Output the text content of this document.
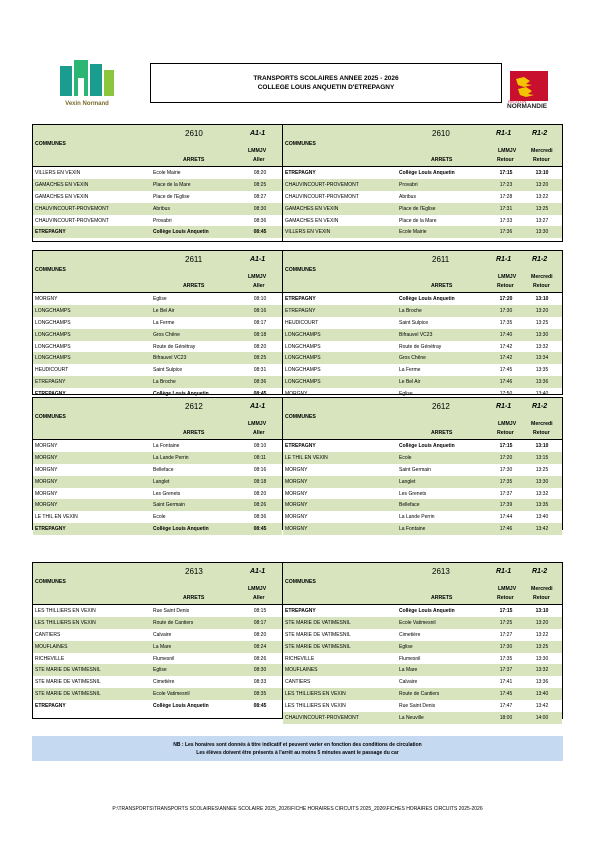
Vexin Normand	RÉGION
NORMANDIE
TRANSPORTS SCOLAIRES ANNEE 2025 - 2026
COLLEGE LOUIS ANQUETIN D'ETREPAGNY
COMMUNES
2610	A1-1
LMMJV
ARRETS	Aller
VILLERS EN VEXIN	Ecole Mairie	08:20
GAMACHES EN VEXIN	Place de la Mare	08:25
GAMACHES EN VEXIN	Place de l'Eglise	08:27
CHAUVINCOURT-PROVEMONT	Abribus	08:30
CHAUVINCOURT-PROVEMONT	Provabri	08:36
ETREPAGNY	Collège Louis Anquetin	08:45
COMMUNES
2610	R1-1	R1-2
LMMJV	Mercredi
ARRETS	Retour	Retour
ETREPAGNY	Collège Louis Anquetin	17:15	13:10
CHAUVINCOURT-PROVEMONT	Provabri	17:23	13:20
CHAUVINCOURT-PROVEMONT	Abribus	17:28	13:22
GAMACHES EN VEXIN	Place de l'Eglise	17:31	13:25
GAMACHES EN VEXIN	Place de la Mare	17:33	13:27
VILLERS EN VEXIN	Ecole Mairie	17:36	13:30
COMMUNES
2611	A1-1
LMMJV
ARRETS	Aller
MORGNY	Eglise	08:10
LONGCHAMPS	Le Bel Air	08:16
LONGCHAMPS	La Ferme	08:17
LONGCHAMPS	Gros Chêne	08:18
LONGCHAMPS	Route de Génétray	08:20
LONGCHAMPS	Bifrauvel VC23	08:25
HEUDICOURT	Saint Sulpice	08:31
ETREPAGNY	La Broche	08:36
ETREPAGNY	Collège Louis Anquetin	08:45
COMMUNES
2611	R1-1	R1-2
LMMJV	Mercredi
ARRETS	Retour	Retour
ETREPAGNY	Collège Louis Anquetin	17:20	13:10
ETREPAGNY	La Broche	17:30	13:20
HEUDICOURT	Saint Sulpice	17:35	13:25
LONGCHAMPS	Bifrauvel VC23	17:40	13:30
LONGCHAMPS	Route de Génétray	17:42	13:32
LONGCHAMPS	Gros Chêne	17:42	13:34
LONGCHAMPS	La Ferme	17:45	13:35
LONGCHAMPS	Le Bel Air	17:46	13:36
MORGNY	Eglise	17:50	13:40
COMMUNES
2612	A1-1
LMMJV
ARRETS	Aller
MORGNY	La Fontaine	08:10
MORGNY	La Lande Perrin	08:11
MORGNY	Belleface	08:16
MORGNY	Langlet	08:18
MORGNY	Les Grenets	08:20
MORGNY	Saint Germain	08:26
LE THIL EN VEXIN	Ecole	08:36
ETREPAGNY	Collège Louis Anquetin	08:45
COMMUNES
2612	R1-1	R1-2
LMMJV	Mercredi
ARRETS	Retour	Retour
ETREPAGNY	Collège Louis Anquetin	17:15	13:10
LE THIL EN VEXIN	Ecole	17:20	13:15
MORGNY	Saint Germain	17:30	13:25
MORGNY	Langlet	17:35	13:30
MORGNY	Les Grenets	17:37	13:32
MORGNY	Belleface	17:39	13:35
MORGNY	La Lande Perrin	17:44	13:40
MORGNY	La Fontaine	17:46	13:42
COMMUNES
2613	A1-1
LMMJV
ARRETS	Aller
LES THILLIERS EN VEXIN	Rue Saint Denis	08:15
LES THILLIERS EN VEXIN	Route de Cantiers	08:17
CANTIERS	Calvaire	08:20
MOUFLAINES	La Mare	08:24
RICHEVILLE	Flumesnil	08:26
STE MARIE DE VATIMESNIL	Eglise	08:30
STE MARIE DE VATIMESNIL	Cimetière	08:33
STE MARIE DE VATIMESNIL	Ecole Vatimesnil	08:35
ETREPAGNY	Collège Louis Anquetin	08:45
COMMUNES
2613	R1-1	R1-2
LMMJV	Mercredi
ARRETS	Retour	Retour
ETREPAGNY	Collège Louis Anquetin	17:15	13:10
STE MARIE DE VATIMESNIL	Ecole Vatimesnil	17:25	13:20
STE MARIE DE VATIMESNIL	Cimetière	17:27	13:22
STE MARIE DE VATIMESNIL	Eglise	17:30	13:25
RICHEVILLE	Flumesnil	17:35	13:30
MOUFLAINES	La Mare	17:37	13:32
CANTIERS	Calvaire	17:41	13:36
LES THILLIERS EN VEXIN	Route de Cantiers	17:45	13:40
LES THILLIERS EN VEXIN	Rue Saint Denis	17:47	13:42
CHAUVINCOURT-PROVEMONT	La Neuville	18:00	14:00
NB : Les horaires sont donnés à titre indicatif et peuvent varier en fonction des conditions de circulation
Les élèves doivent être présents à l'arrêt au moins 5 minutes avant le passage du car
P:\TRANSPORTS\TRANSPORTS SCOLAIRES\ANNEE SCOLAIRE 2025_2026\FICHE HORAIRES CIRCUITS 2025_2026\FICHES HORAIRES CIRCUITS 2025-2026
